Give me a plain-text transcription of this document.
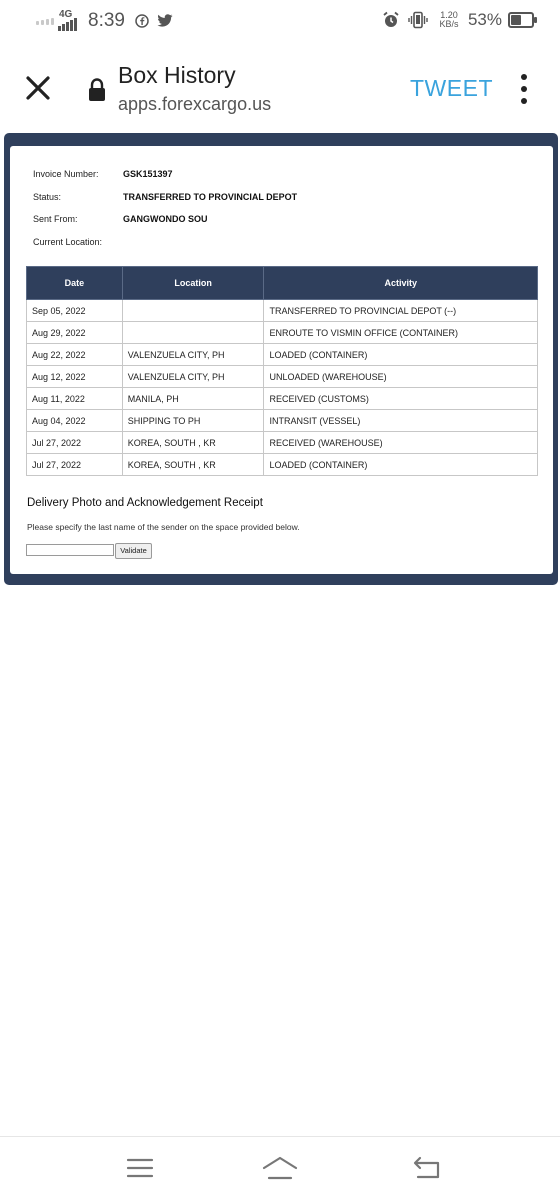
4G 8:39	1.20
KB/s 53%
Box History
apps.forexcargo.us
TWEET
Invoice Number:	GSK151397
Status:	TRANSFERRED TO PROVINCIAL DEPOT
Sent From:	GANGWONDO SOU
Current Location:
Date	Location	Activity
Sep 05, 2022		TRANSFERRED TO PROVINCIAL DEPOT (--)
Aug 29, 2022		ENROUTE TO VISMIN OFFICE (CONTAINER)
Aug 22, 2022	VALENZUELA CITY, PH	LOADED (CONTAINER)
Aug 12, 2022	VALENZUELA CITY, PH	UNLOADED (WAREHOUSE)
Aug 11, 2022	MANILA, PH	RECEIVED (CUSTOMS)
Aug 04, 2022	SHIPPING TO PH	INTRANSIT (VESSEL)
Jul 27, 2022	KOREA, SOUTH , KR	RECEIVED (WAREHOUSE)
Jul 27, 2022	KOREA, SOUTH , KR	LOADED (CONTAINER)
Delivery Photo and Acknowledgement Receipt
Please specify the last name of the sender on the space provided below.
Validate
